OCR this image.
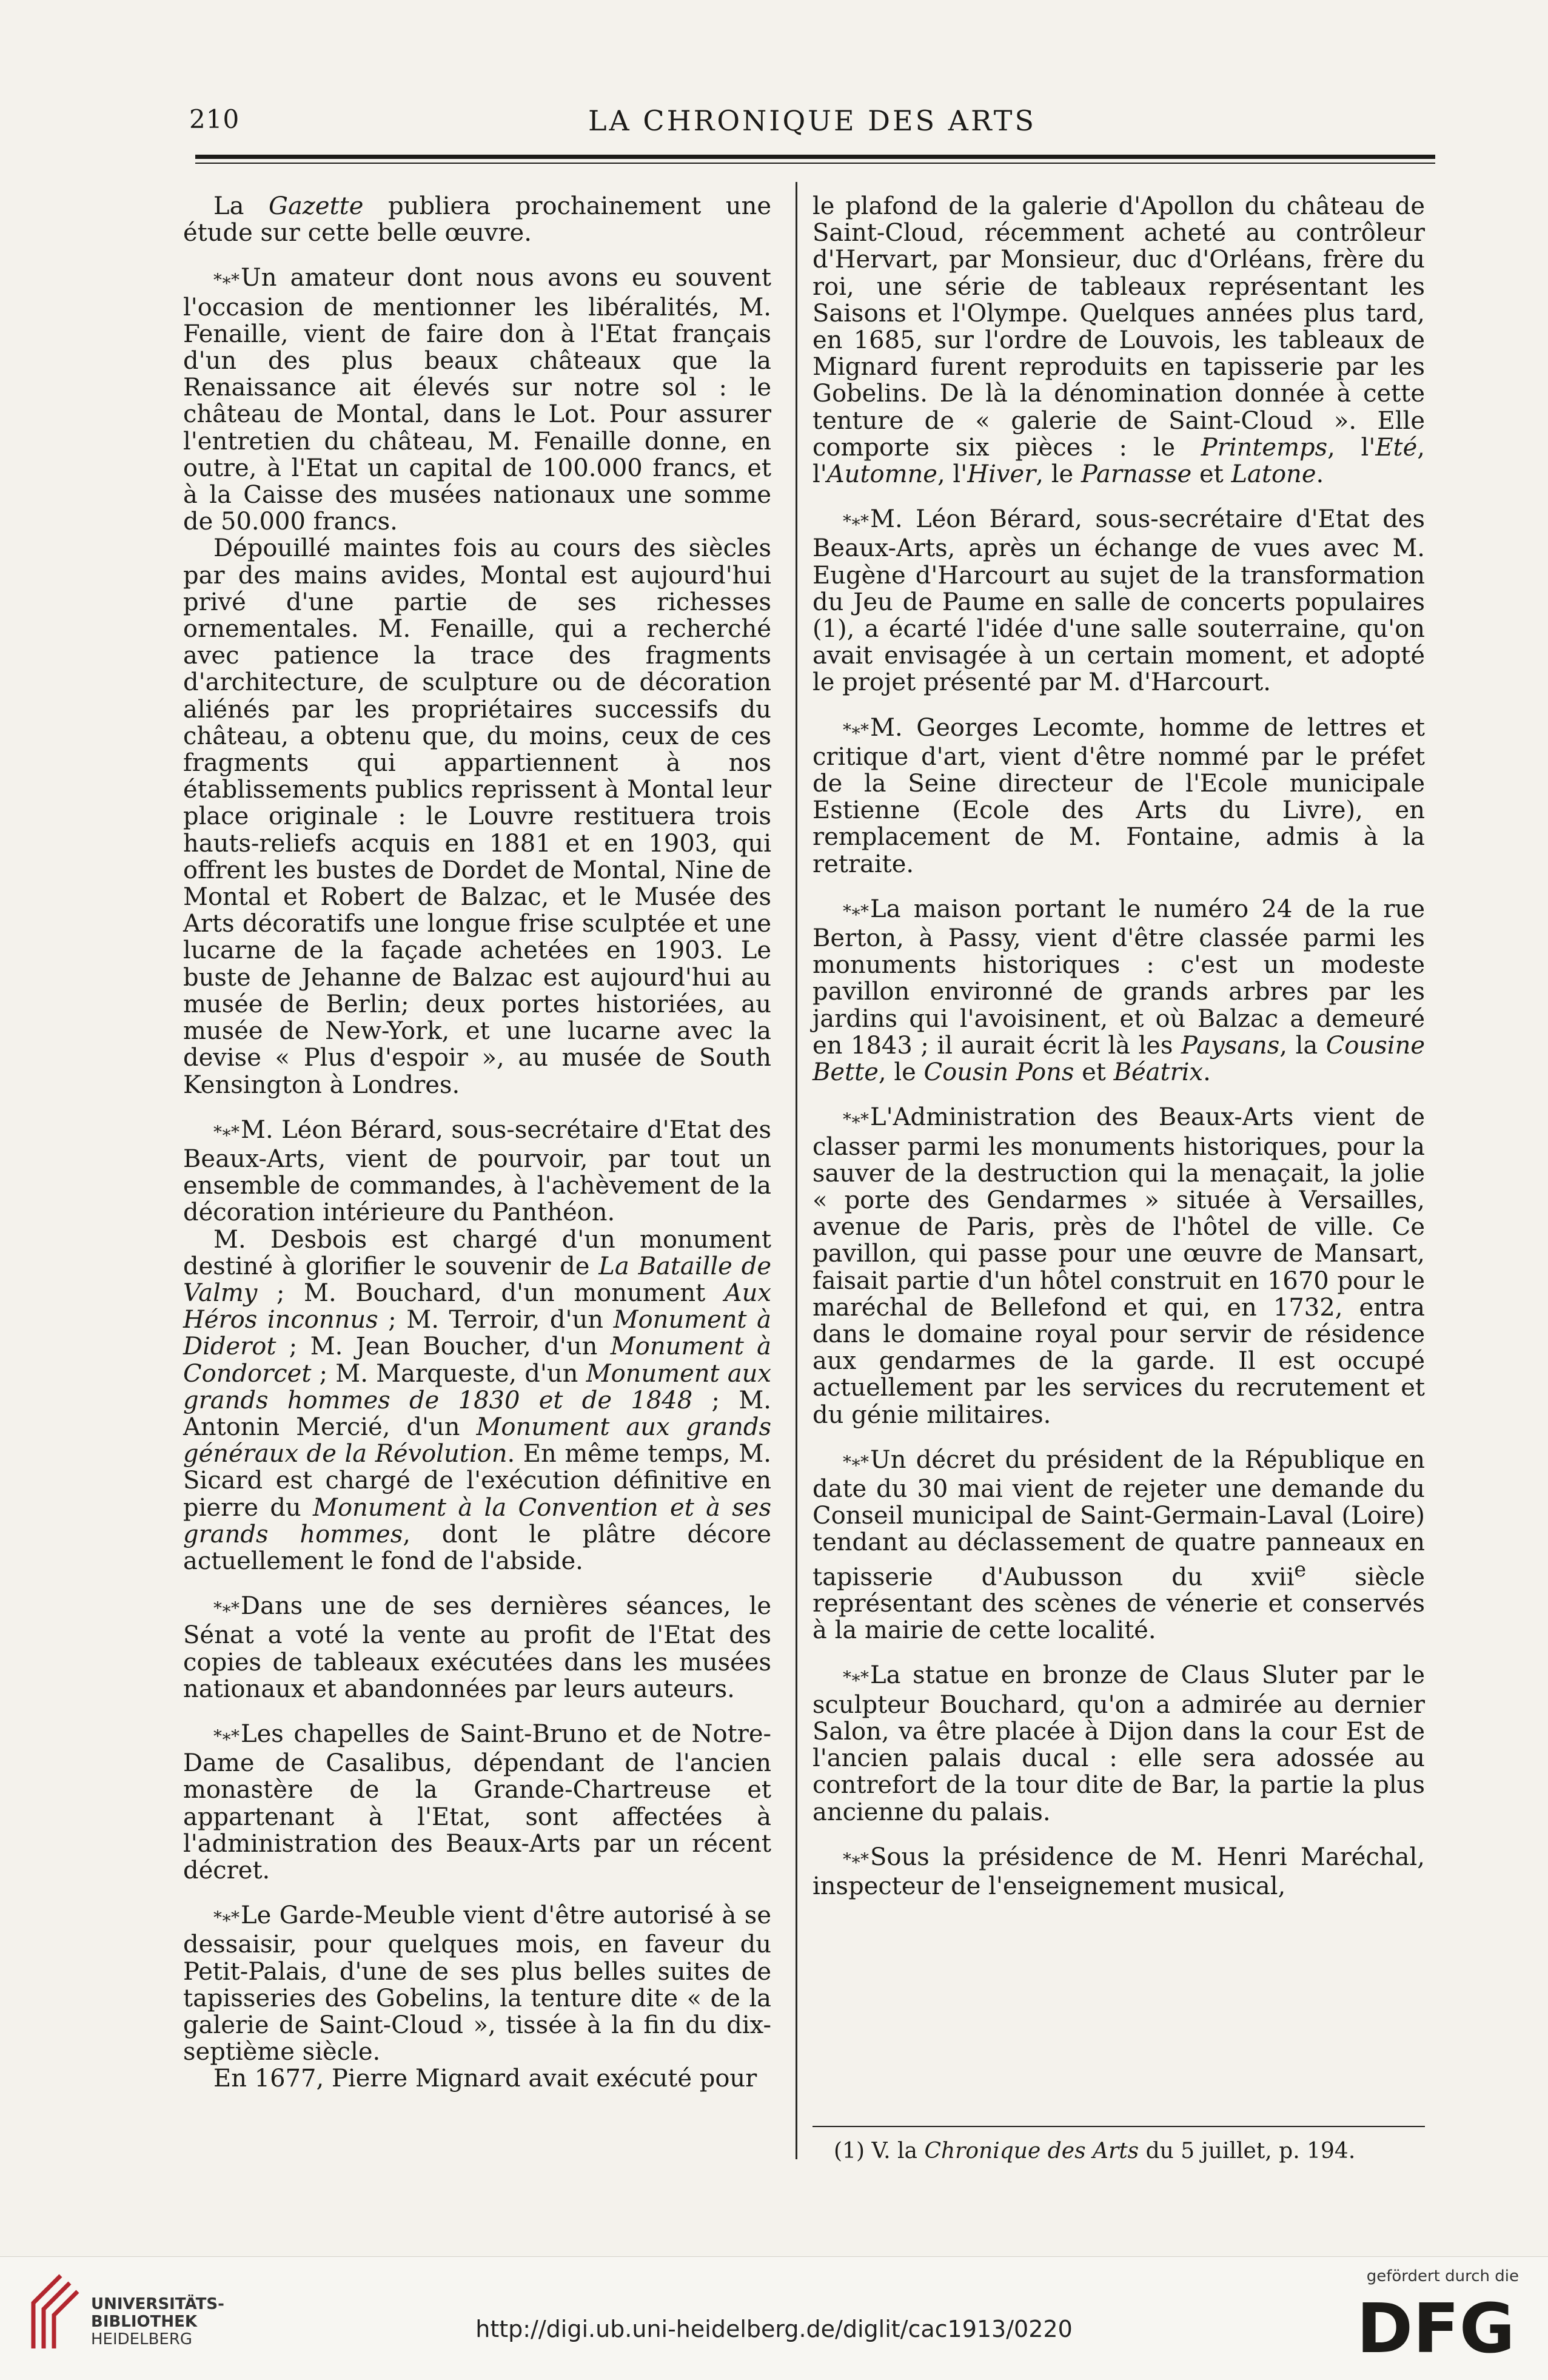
210	LA CHRONIQUE DES ARTS

La Gazette publiera prochainement une étude sur cette belle œuvre.

*∗* Un amateur dont nous avons eu souvent l'occasion de mentionner les libéralités, M. Fenaille, vient de faire don à l'Etat français d'un des plus beaux châteaux que la Renaissance ait élevés sur notre sol : le château de Montal, dans le Lot. Pour assurer l'entretien du château, M. Fenaille donne, en outre, à l'Etat un capital de 100.000 francs, et à la Caisse des musées nationaux une somme de 50.000 francs.

Dépouillé maintes fois au cours des siècles par des mains avides, Montal est aujourd'hui privé d'une partie de ses richesses ornementales. M. Fenaille, qui a recherché avec patience la trace des fragments d'architecture, de sculpture ou de décoration aliénés par les propriétaires successifs du château, a obtenu que, du moins, ceux de ces fragments qui appartiennent à nos établissements publics reprissent à Montal leur place originale : le Louvre restituera trois hauts-reliefs acquis en 1881 et en 1903, qui offrent les bustes de Dordet de Montal, Nine de Montal et Robert de Balzac, et le Musée des Arts décoratifs une longue frise sculptée et une lucarne de la façade achetées en 1903. Le buste de Jehanne de Balzac est aujourd'hui au musée de Berlin; deux portes historiées, au musée de New-York, et une lucarne avec la devise « Plus d'espoir », au musée de South Kensington à Londres.

*∗* M. Léon Bérard, sous-secrétaire d'Etat des Beaux-Arts, vient de pourvoir, par tout un ensemble de commandes, à l'achèvement de la décoration intérieure du Panthéon.

M. Desbois est chargé d'un monument destiné à glorifier le souvenir de La Bataille de Valmy ; M. Bouchard, d'un monument Aux Héros inconnus ; M. Terroir, d'un Monument à Diderot ; M. Jean Boucher, d'un Monument à Condorcet ; M. Marqueste, d'un Monument aux grands hommes de 1830 et de 1848 ; M. Antonin Mercié, d'un Monument aux grands généraux de la Révolution. En même temps, M. Sicard est chargé de l'exécution définitive en pierre du Monument à la Convention et à ses grands hommes, dont le plâtre décore actuellement le fond de l'abside.

*∗* Dans une de ses dernières séances, le Sénat a voté la vente au profit de l'Etat des copies de tableaux exécutées dans les musées nationaux et abandonnées par leurs auteurs.

*∗* Les chapelles de Saint-Bruno et de Notre-Dame de Casalibus, dépendant de l'ancien monastère de la Grande-Chartreuse et appartenant à l'Etat, sont affectées à l'administration des Beaux-Arts par un récent décret.

*∗* Le Garde-Meuble vient d'être autorisé à se dessaisir, pour quelques mois, en faveur du Petit-Palais, d'une de ses plus belles suites de tapisseries des Gobelins, la tenture dite « de la galerie de Saint-Cloud », tissée à la fin du dix-septième siècle.

En 1677, Pierre Mignard avait exécuté pour

le plafond de la galerie d'Apollon du château de Saint-Cloud, récemment acheté au contrôleur d'Hervart, par Monsieur, duc d'Orléans, frère du roi, une série de tableaux représentant les Saisons et l'Olympe. Quelques années plus tard, en 1685, sur l'ordre de Louvois, les tableaux de Mignard furent reproduits en tapisserie par les Gobelins. De là la dénomination donnée à cette tenture de « galerie de Saint-Cloud ». Elle comporte six pièces : le Printemps, l'Eté, l'Automne, l'Hiver, le Parnasse et Latone.

*∗* M. Léon Bérard, sous-secrétaire d'Etat des Beaux-Arts, après un échange de vues avec M. Eugène d'Harcourt au sujet de la transformation du Jeu de Paume en salle de concerts populaires (1), a écarté l'idée d'une salle souterraine, qu'on avait envisagée à un certain moment, et adopté le projet présenté par M. d'Harcourt.

*∗* M. Georges Lecomte, homme de lettres et critique d'art, vient d'être nommé par le préfet de la Seine directeur de l'Ecole municipale Estienne (Ecole des Arts du Livre), en remplacement de M. Fontaine, admis à la retraite.

*∗* La maison portant le numéro 24 de la rue Berton, à Passy, vient d'être classée parmi les monuments historiques : c'est un modeste pavillon environné de grands arbres par les jardins qui l'avoisinent, et où Balzac a demeuré en 1843 ; il aurait écrit là les Paysans, la Cousine Bette, le Cousin Pons et Béatrix.

*∗* L'Administration des Beaux-Arts vient de classer parmi les monuments historiques, pour la sauver de la destruction qui la menaçait, la jolie « porte des Gendarmes » située à Versailles, avenue de Paris, près de l'hôtel de ville. Ce pavillon, qui passe pour une œuvre de Mansart, faisait partie d'un hôtel construit en 1670 pour le maréchal de Bellefond et qui, en 1732, entra dans le domaine royal pour servir de résidence aux gendarmes de la garde. Il est occupé actuellement par les services du recrutement et du génie militaires.

*∗* Un décret du président de la République en date du 30 mai vient de rejeter une demande du Conseil municipal de Saint-Germain-Laval (Loire) tendant au déclassement de quatre panneaux en tapisserie d'Aubusson du xvii$^e$ siècle représentant des scènes de vénerie et conservés à la mairie de cette localité.

*∗* La statue en bronze de Claus Sluter par le sculpteur Bouchard, qu'on a admirée au dernier Salon, va être placée à Dijon dans la cour Est de l'ancien palais ducal : elle sera adossée au contrefort de la tour dite de Bar, la partie la plus ancienne du palais.

*∗* Sous la présidence de M. Henri Maréchal, inspecteur de l'enseignement musical,

(1) V. la Chronique des Arts du 5 juillet, p. 194.
UNIVERSITÄTS-
BIBLIOTHEK
HEIDELBERG	http://digi.ub.uni-heidelberg.de/diglit/cac1913/0220
gefördert durch die
DFG
